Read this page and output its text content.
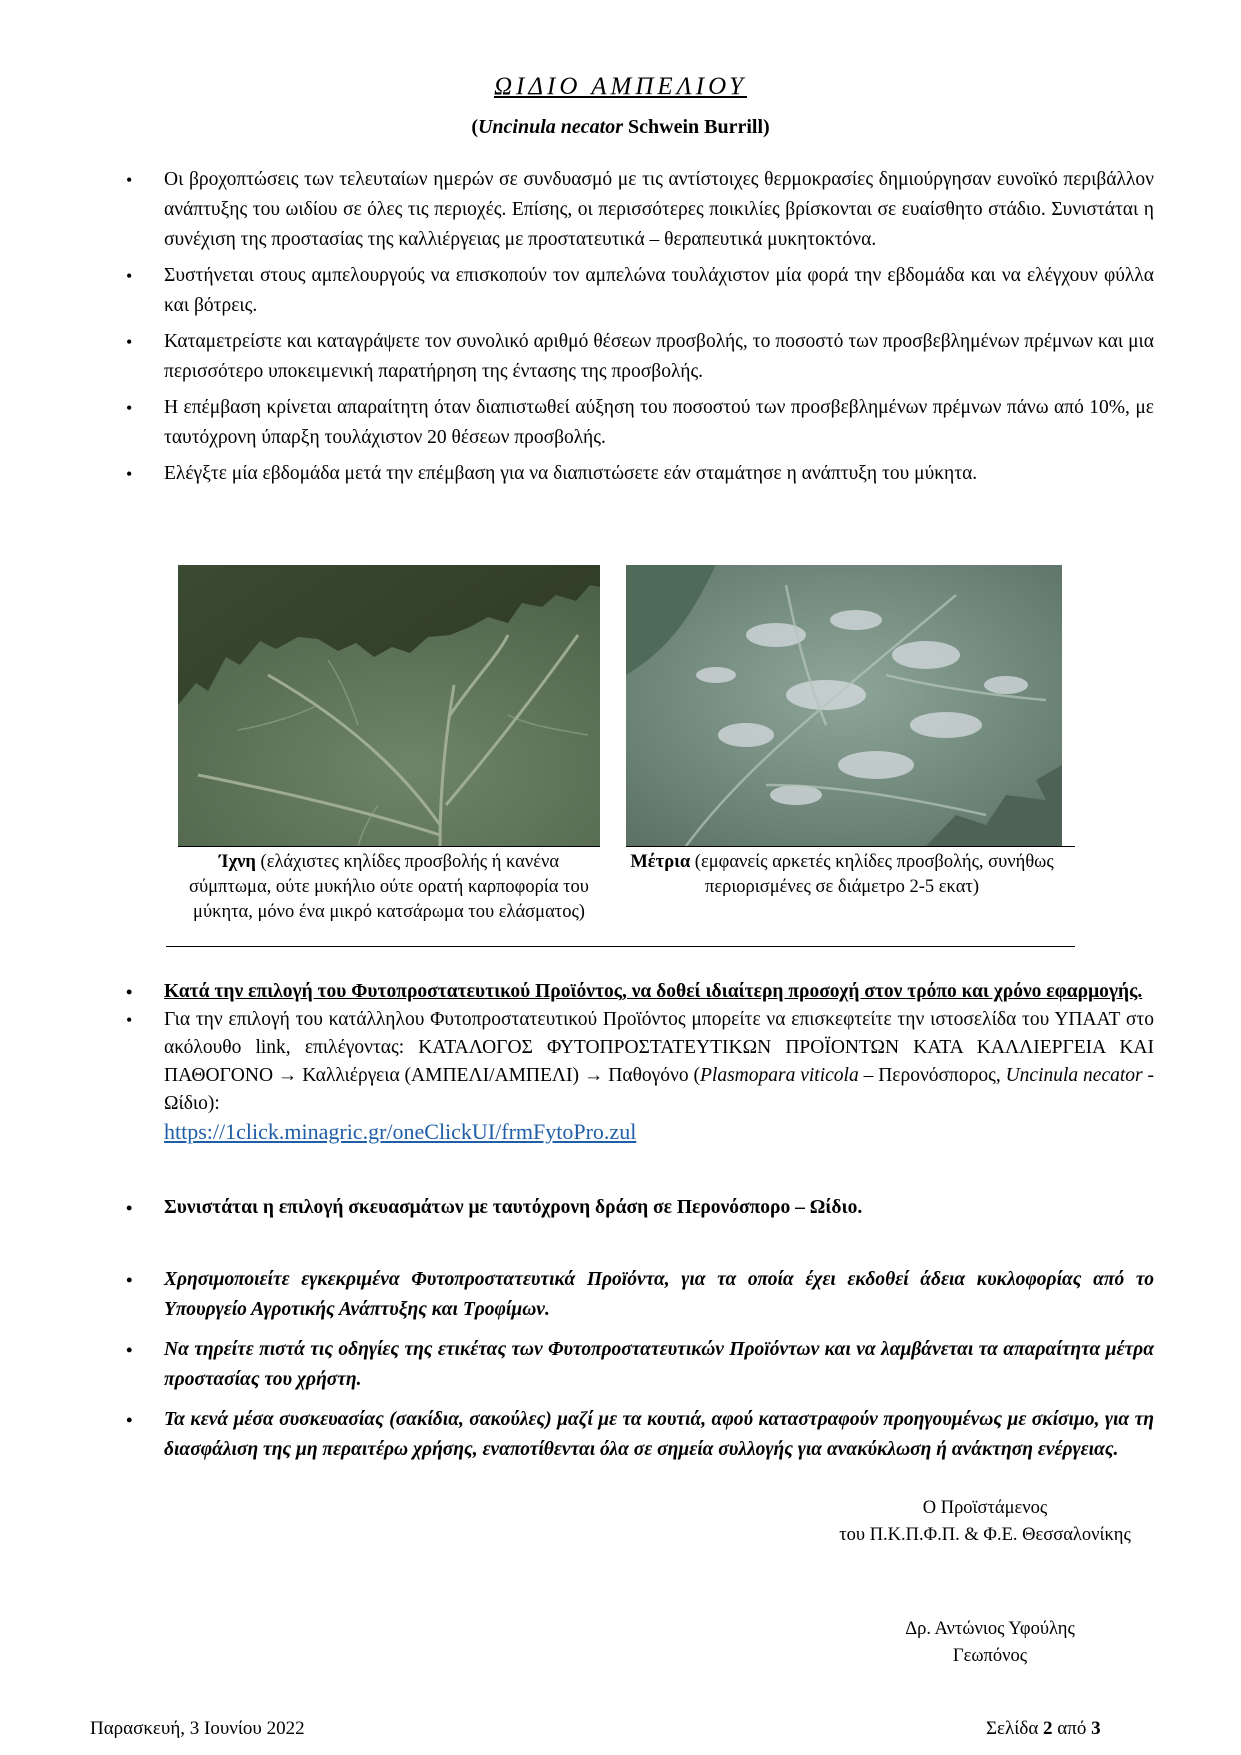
ΩΙΔΙΟ ΑΜΠΕΛΙΟΥ
(Uncinula necator Schwein Burrill)
• Οι βροχοπτώσεις των τελευταίων ημερών σε συνδυασμό με τις αντίστοιχες θερμοκρασίες δημιούργησαν ευνοϊκό περιβάλλον ανάπτυξης του ωιδίου σε όλες τις περιοχές. Επίσης, οι περισσότερες ποικιλίες βρίσκονται σε ευαίσθητο στάδιο. Συνιστάται η συνέχιση της προστασίας της καλλιέργειας με προστατευτικά – θεραπευτικά μυκητοκτόνα.
• Συστήνεται στους αμπελουργούς να επισκοπούν τον αμπελώνα τουλάχιστον μία φορά την εβδομάδα και να ελέγχουν φύλλα και βότρεις.
• Καταμετρείστε και καταγράψετε τον συνολικό αριθμό θέσεων προσβολής, το ποσοστό των προσβεβλημένων πρέμνων και μια περισσότερο υποκειμενική παρατήρηση της έντασης της προσβολής.
• Η επέμβαση κρίνεται απαραίτητη όταν διαπιστωθεί αύξηση του ποσοστού των προσβεβλημένων πρέμνων πάνω από 10%, με ταυτόχρονη ύπαρξη τουλάχιστον 20 θέσεων προσβολής.
• Ελέγξτε μία εβδομάδα μετά την επέμβαση για να διαπιστώσετε εάν σταμάτησε η ανάπτυξη του μύκητα.
Ίχνη (ελάχιστες κηλίδες προσβολής ή κανένα σύμπτωμα, ούτε μυκήλιο ούτε ορατή καρποφορία του μύκητα, μόνο ένα μικρό κατσάρωμα του ελάσματος)
Μέτρια (εμφανείς αρκετές κηλίδες προσβολής, συνήθως περιορισμένες σε διάμετρο 2-5 εκατ)
• Κατά την επιλογή του Φυτοπροστατευτικού Προϊόντος, να δοθεί ιδιαίτερη προσοχή στον τρόπο και χρόνο εφαρμογής.
• Για την επιλογή του κατάλληλου Φυτοπροστατευτικού Προϊόντος μπορείτε να επισκεφτείτε την ιστοσελίδα του ΥΠΑΑΤ στο ακόλουθο link, επιλέγοντας: ΚΑΤΑΛΟΓΟΣ ΦΥΤΟΠΡΟΣΤΑΤΕΥΤΙΚΩΝ ΠΡΟΪΟΝΤΩΝ ΚΑΤΑ ΚΑΛΛΙΕΡΓΕΙΑ ΚΑΙ ΠΑΘΟΓΟΝΟ → Καλλιέργεια (ΑΜΠΕΛΙ/ΑΜΠΕΛΙ) → Παθογόνο (Plasmopara viticola – Περονόσπορος, Uncinula necator - Ωίδιο):
https://1click.minagric.gr/oneClickUI/frmFytoPro.zul
• Συνιστάται η επιλογή σκευασμάτων με ταυτόχρονη δράση σε Περονόσπορο – Ωίδιο.
• Χρησιμοποιείτε εγκεκριμένα Φυτοπροστατευτικά Προϊόντα, για τα οποία έχει εκδοθεί άδεια κυκλοφορίας από το Υπουργείο Αγροτικής Ανάπτυξης και Τροφίμων.
• Να τηρείτε πιστά τις οδηγίες της ετικέτας των Φυτοπροστατευτικών Προϊόντων και να λαμβάνεται τα απαραίτητα μέτρα προστασίας του χρήστη.
• Τα κενά μέσα συσκευασίας (σακίδια, σακούλες) μαζί με τα κουτιά, αφού καταστραφούν προηγουμένως με σκίσιμο, για τη διασφάλιση της μη περαιτέρω χρήσης, εναποτίθενται όλα σε σημεία συλλογής για ανακύκλωση ή ανάκτηση ενέργειας.
Ο Προϊστάμενος
του Π.Κ.Π.Φ.Π. & Φ.Ε. Θεσσαλονίκης
Δρ. Αντώνιος Υφούλης
Γεωπόνος
Παρασκευή, 3 Ιουνίου 2022	Σελίδα 2 από 3
